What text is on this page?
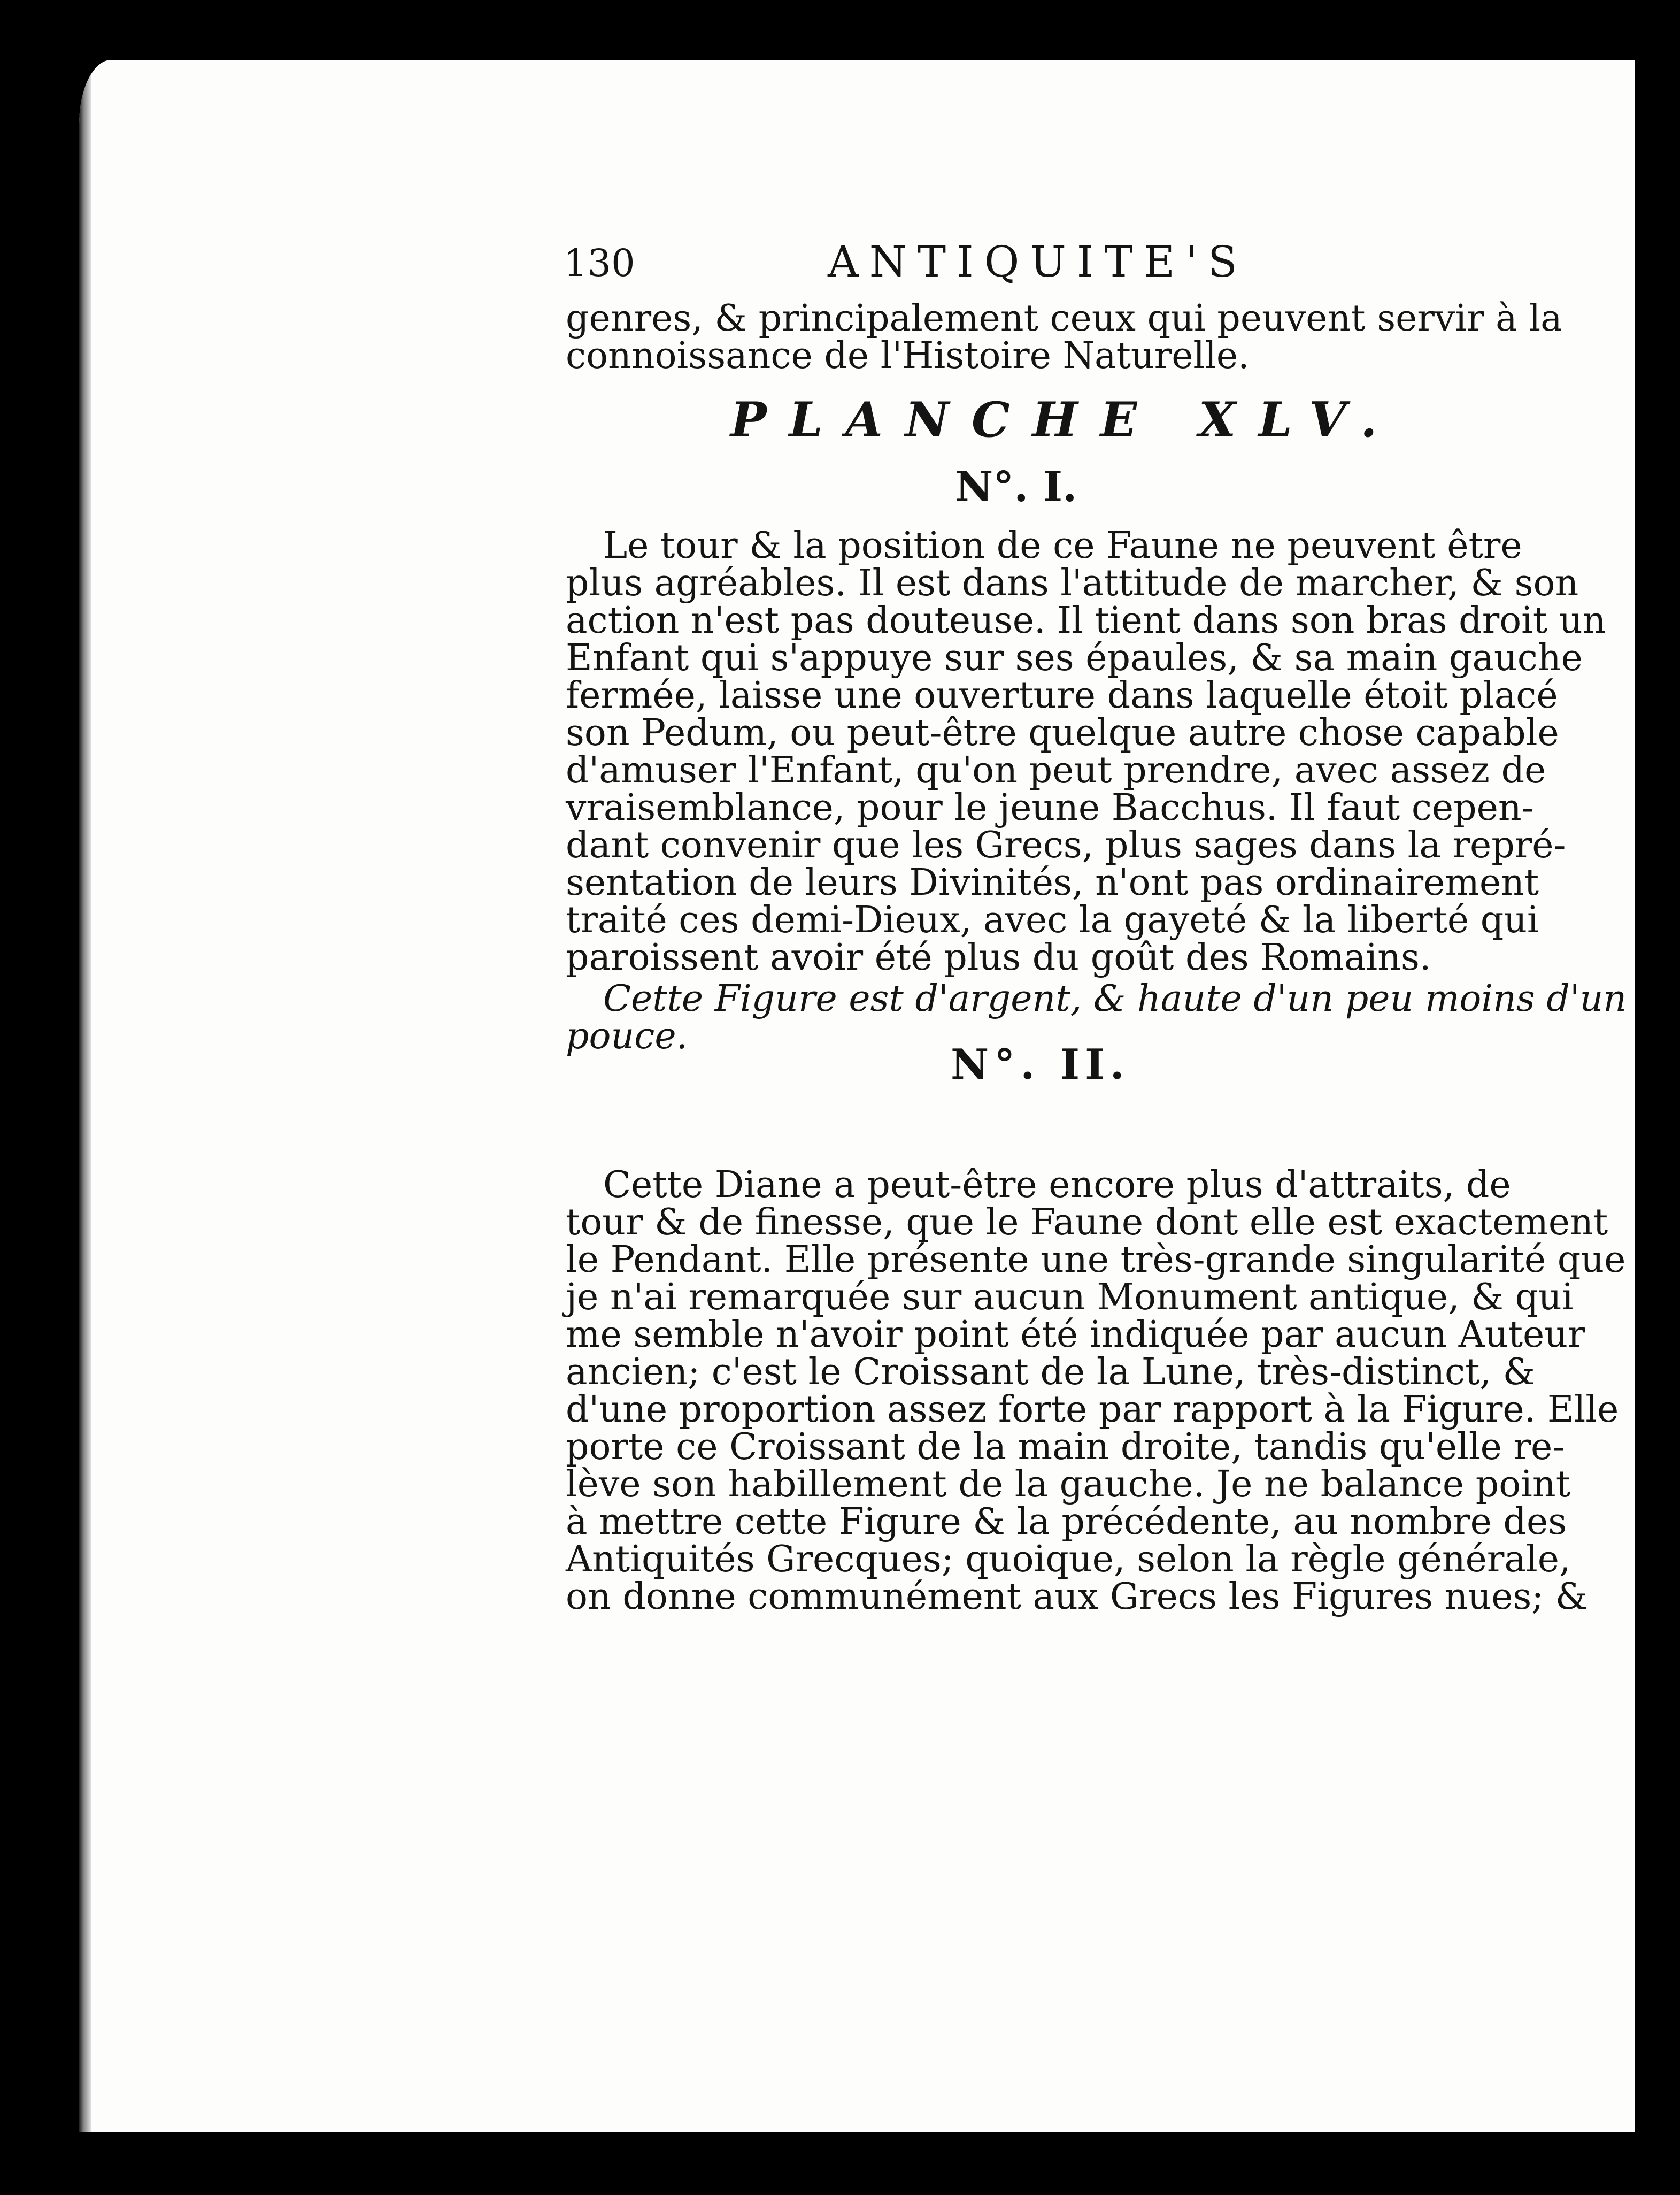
130	ANTIQUITE'S
genres, & principalement ceux qui peuvent servir à la
connoissance de l'Histoire Naturelle.
PLANCHE XLV.
N°. I.
Le tour & la position de ce Faune ne peuvent être
plus agréables. Il est dans l'attitude de marcher, & son
action n'est pas douteuse. Il tient dans son bras droit un
Enfant qui s'appuye sur ses épaules, & sa main gauche
fermée, laisse une ouverture dans laquelle étoit placé
son Pedum, ou peut-être quelque autre chose capable
d'amuser l'Enfant, qu'on peut prendre, avec assez de
vraisemblance, pour le jeune Bacchus. Il faut cepen-
dant convenir que les Grecs, plus sages dans la repré-
sentation de leurs Divinités, n'ont pas ordinairement
traité ces demi-Dieux, avec la gayeté & la liberté qui
paroissent avoir été plus du goût des Romains.
Cette Figure est d'argent, & haute d'un peu moins d'un
pouce.
N°. II.
Cette Diane a peut-être encore plus d'attraits, de
tour & de finesse, que le Faune dont elle est exactement
le Pendant. Elle présente une très-grande singularité que
je n'ai remarquée sur aucun Monument antique, & qui
me semble n'avoir point été indiquée par aucun Auteur
ancien; c'est le Croissant de la Lune, très-distinct, &
d'une proportion assez forte par rapport à la Figure. Elle
porte ce Croissant de la main droite, tandis qu'elle re-
lève son habillement de la gauche. Je ne balance point
à mettre cette Figure & la précédente, au nombre des
Antiquités Grecques; quoique, selon la règle générale,
on donne communément aux Grecs les Figures nues; &
